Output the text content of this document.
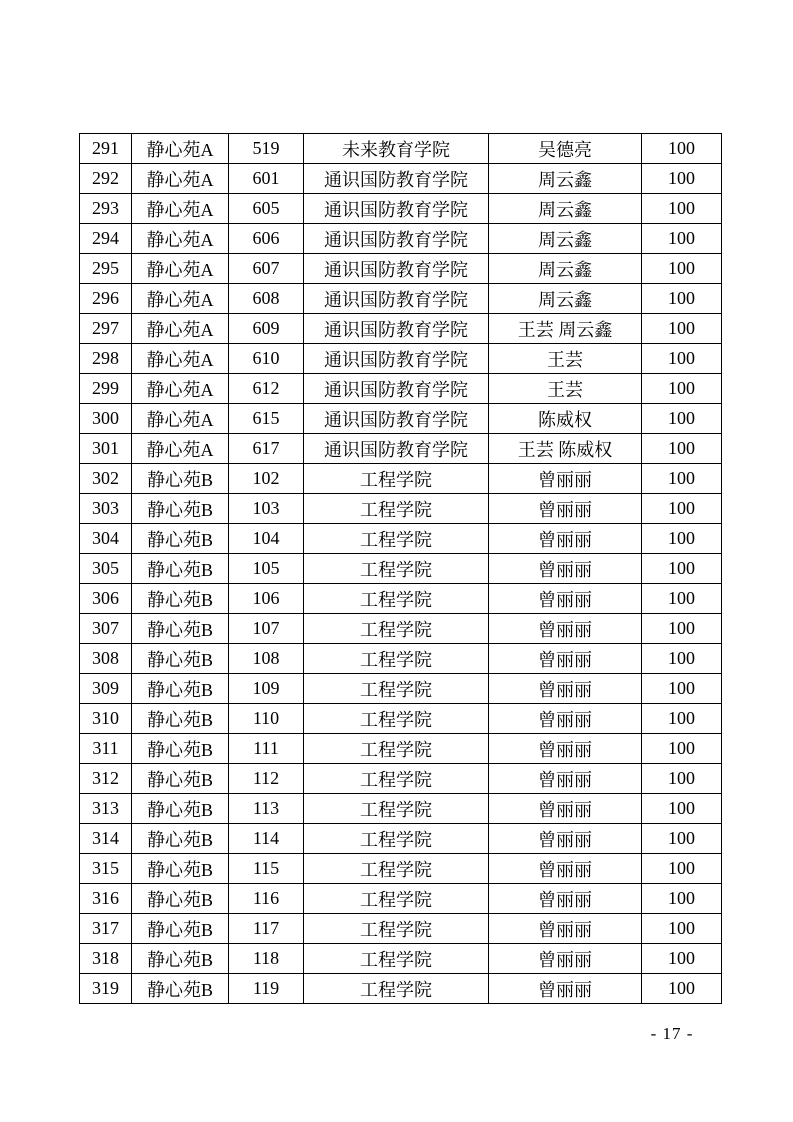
291	静心苑A	519	未来教育学院	吴德亮	100
292	静心苑A	601	通识国防教育学院	周云鑫	100
293	静心苑A	605	通识国防教育学院	周云鑫	100
294	静心苑A	606	通识国防教育学院	周云鑫	100
295	静心苑A	607	通识国防教育学院	周云鑫	100
296	静心苑A	608	通识国防教育学院	周云鑫	100
297	静心苑A	609	通识国防教育学院	王芸 周云鑫	100
298	静心苑A	610	通识国防教育学院	王芸	100
299	静心苑A	612	通识国防教育学院	王芸	100
300	静心苑A	615	通识国防教育学院	陈威权	100
301	静心苑A	617	通识国防教育学院	王芸 陈威权	100
302	静心苑B	102	工程学院	曾丽丽	100
303	静心苑B	103	工程学院	曾丽丽	100
304	静心苑B	104	工程学院	曾丽丽	100
305	静心苑B	105	工程学院	曾丽丽	100
306	静心苑B	106	工程学院	曾丽丽	100
307	静心苑B	107	工程学院	曾丽丽	100
308	静心苑B	108	工程学院	曾丽丽	100
309	静心苑B	109	工程学院	曾丽丽	100
310	静心苑B	110	工程学院	曾丽丽	100
311	静心苑B	111	工程学院	曾丽丽	100
312	静心苑B	112	工程学院	曾丽丽	100
313	静心苑B	113	工程学院	曾丽丽	100
314	静心苑B	114	工程学院	曾丽丽	100
315	静心苑B	115	工程学院	曾丽丽	100
316	静心苑B	116	工程学院	曾丽丽	100
317	静心苑B	117	工程学院	曾丽丽	100
318	静心苑B	118	工程学院	曾丽丽	100
319	静心苑B	119	工程学院	曾丽丽	100
- 17 -
